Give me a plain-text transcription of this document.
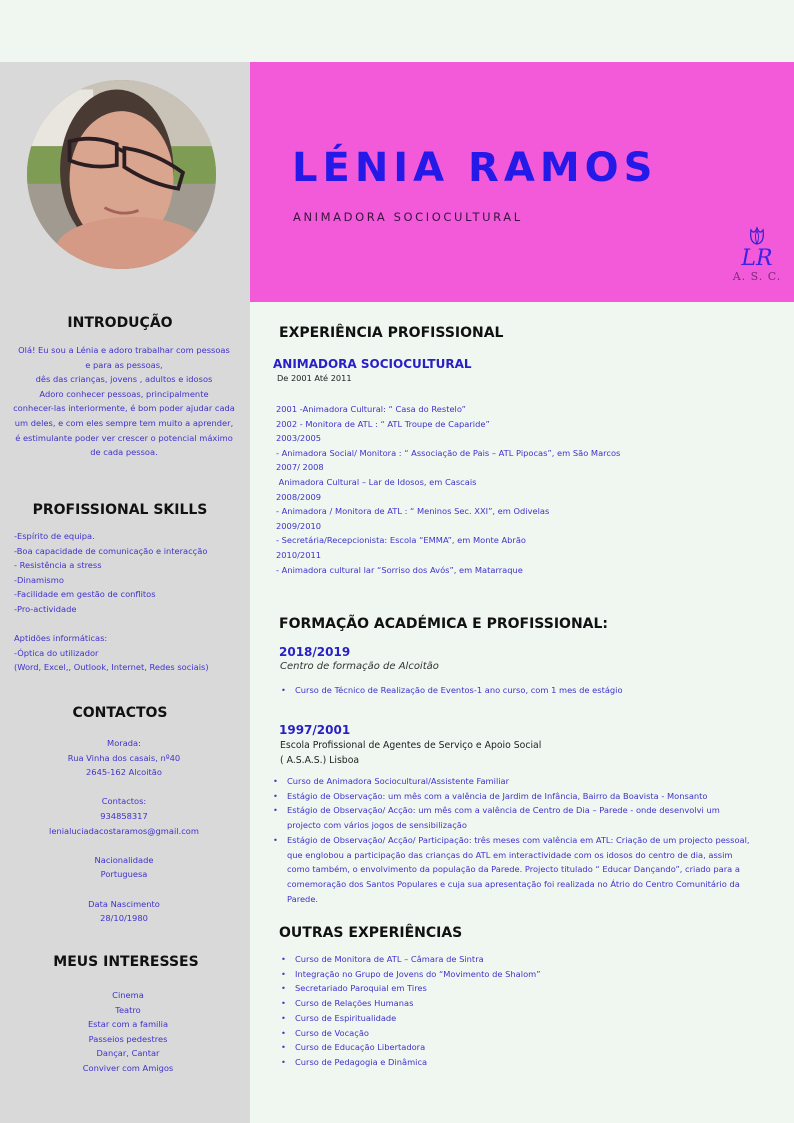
LÉNIA RAMOS
ANIMADORA SOCIOCULTURAL
LR
A. S. C.
INTRODUÇÃO
Olá! Eu sou a Lénia e adoro trabalhar com pessoas
e para as pessoas,
dês das crianças, jovens , adultos e idosos
Adoro conhecer pessoas, principalmente
conhecer-las interiormente, é bom poder ajudar cada
um deles, e com eles sempre tem muito a aprender,
é estimulante poder ver crescer o potencial máximo
de cada pessoa.
PROFISSIONAL SKILLS
-Espírito de equipa.
-Boa capacidade de comunicação e interacção
- Resistência a stress
-Dinamismo
-Facilidade em gestão de conflitos
-Pro-actividade
Aptidões informáticas:
-Óptica do utilizador
(Word, Excel,, Outlook, Internet, Redes sociais)
CONTACTOS
Morada:
Rua Vinha dos casais, nº40
2645-162 Alcoitão
Contactos:
934858317
lenialuciadacostaramos@gmail.com
Nacionalidade
Portuguesa
Data Nascimento
28/10/1980
MEUS INTERESSES
Cinema
Teatro
Estar com a familia
Passeios pedestres
Dançar, Cantar
Conviver com Amigos
EXPERIÊNCIA PROFISSIONAL
ANIMADORA SOCIOCULTURAL
De 2001 Até 2011
2001 -Animadora Cultural: “ Casa do Restelo”
2002 - Monitora de ATL : “ ATL Troupe de Caparide”
2003/2005
- Animadora Social/ Monitora : “ Associação de Pais – ATL Pipocas”, em São Marcos
2007/ 2008
Animadora Cultural – Lar de Idosos, em Cascais
2008/2009
- Animadora / Monitora de ATL : “ Meninos Sec. XXI”, em Odivelas
2009/2010
- Secretária/Recepcionista: Escola “EMMA”, em Monte Abrão
2010/2011
- Animadora cultural lar “Sorriso dos Avós”, em Matarraque
FORMAÇÃO ACADÉMICA E PROFISSIONAL:
2018/2019
Centro de formação de Alcoitão
• Curso de Técnico de Realização de Eventos-1 ano curso, com 1 mes de estágio
1997/2001
Escola Profissional de Agentes de Serviço e Apoio Social
( A.S.A.S.) Lisboa
• Curso de Animadora Sociocultural/Assistente Familiar
• Estágio de Observação: um mês com a valência de Jardim de Infância, Bairro da Boavista - Monsanto
• Estágio de Observação/ Acção: um mês com a valência de Centro de Dia – Parede - onde desenvolvi um projecto com vários jogos de sensibilização
• Estágio de Observação/ Acção/ Participação: três meses com valência em ATL: Criação de um projecto pessoal, que englobou a participação das crianças do ATL em interactividade com os idosos do centro de dia, assim como também, o envolvimento da população da Parede. Projecto titulado “ Educar Dançando”, criado para a comemoração dos Santos Populares e cuja sua apresentação foi realizada no Átrio do Centro Comunitário da Parede.
OUTRAS EXPERIÊNCIAS
• Curso de Monitora de ATL – Câmara de Sintra
• Integração no Grupo de Jovens do “Movimento de Shalom”
• Secretariado Paroquial em Tires
• Curso de Relações Humanas
• Curso de Espiritualidade
• Curso de Vocação
• Curso de Educação Libertadora
• Curso de Pedagogia e Dinâmica
